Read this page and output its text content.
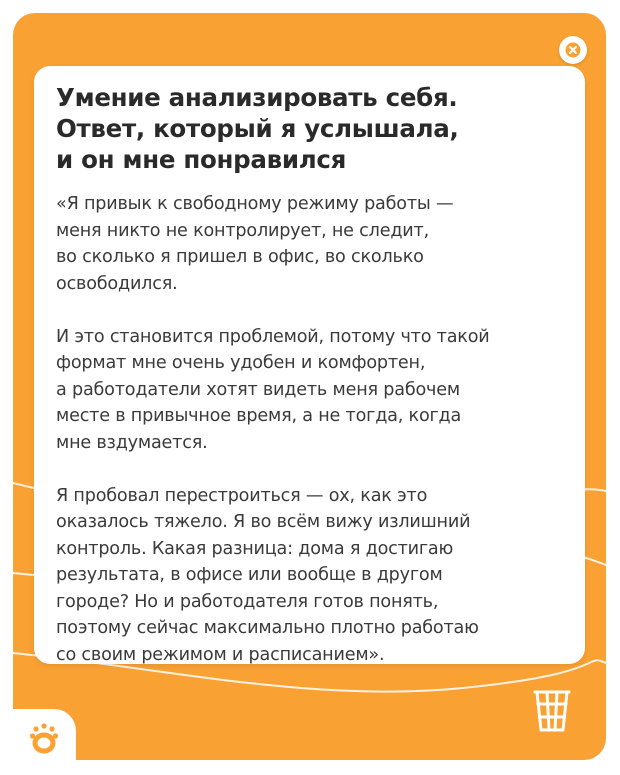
Умение анализировать себя.
Ответ, который я услышала,
и он мне понравился

«Я привык к свободному режиму работы —
меня никто не контролирует, не следит,
во сколько я пришел в офис, во сколько
освободился.

И это становится проблемой, потому что такой
формат мне очень удобен и комфортен,
а работодатели хотят видеть меня рабочем
месте в привычное время, а не тогда, когда
мне вздумается.

Я пробовал перестроиться — ох, как это
оказалось тяжело. Я во всём вижу излишний
контроль. Какая разница: дома я достигаю
результата, в офисе или вообще в другом
городе? Но и работодателя готов понять,
поэтому сейчас максимально плотно работаю
со своим режимом и расписанием».
